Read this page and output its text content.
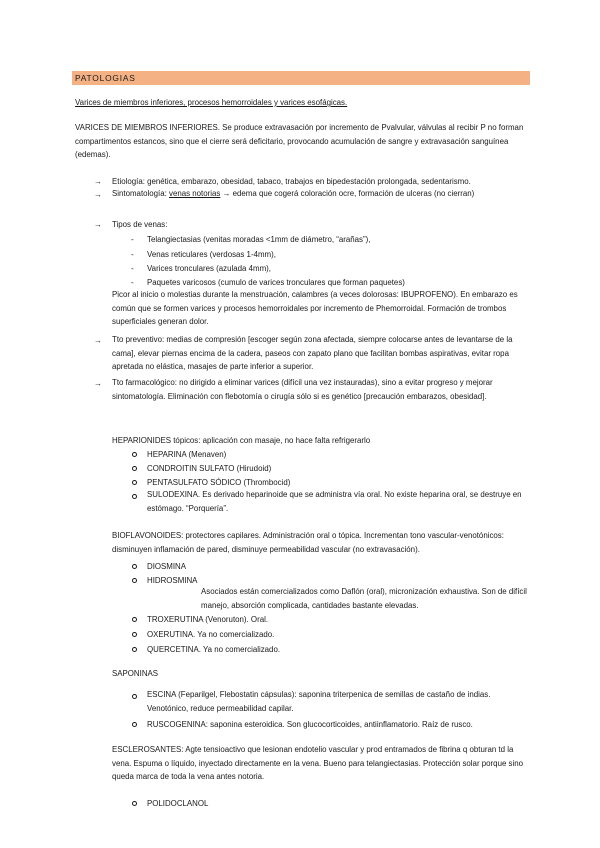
PATOLOGIAS
Varices de miembros inferiores, procesos hemorroidales y varices esofágicas.
VARICES DE MIEMBROS INFERIORES. Se produce extravasación por incremento de Pvalvular, válvulas al recibir P no forman compartimentos estancos, sino que el cierre será deficitario, provocando acumulación de sangre y extravasación sanguínea (edemas).
→ Etiología: genética, embarazo, obesidad, tabaco, trabajos en bipedestación prolongada, sedentarismo.
→ Sintomatología: venas notorias → edema que cogerá coloración ocre, formación de ulceras (no cierran)
→ Tipos de venas:
- Telangiectasias (venitas moradas <1mm de diámetro, “arañas”),
- Venas reticulares (verdosas 1-4mm),
- Varices tronculares (azulada 4mm),
- Paquetes varicosos (cumulo de varices tronculares que forman paquetes)
Picor al inicio o molestias durante la menstruación, calambres (a veces dolorosas: IBUPROFENO). En embarazo es común que se formen varices y procesos hemorroidales por incremento de Phemorroidal. Formación de trombos superficiales generan dolor.
→ Tto preventivo: medias de compresión [escoger según zona afectada, siempre colocarse antes de levantarse de la cama], elevar piernas encima de la cadera, paseos con zapato plano que facilitan bombas aspirativas, evitar ropa apretada no elástica, masajes de parte inferior a superior.
→ Tto farmacológico: no dirigido a eliminar varices (difícil una vez instauradas), sino a evitar progreso y mejorar sintomatología. Eliminación con flebotomía o cirugía sólo si es genético [precaución embarazos, obesidad].
HEPARIONIDES tópicos: aplicación con masaje, no hace falta refrigerarlo
HEPARINA (Menaven)
CONDROITIN SULFATO (Hirudoid)
PENTASULFATO SÓDICO (Thrombocid)
SULODEXINA. Es derivado heparinoide que se administra vía oral. No existe heparina oral, se destruye en estómago. “Porquería”.
BIOFLAVONOIDES: protectores capilares. Administración oral o tópica. Incrementan tono vascular-venotónicos: disminuyen inflamación de pared, disminuye permeabilidad vascular (no extravasación).
DIOSMINA
HIDROSMINA
Asociados están comercializados como Daflón (oral), micronización exhaustiva. Son de difícil manejo, absorción complicada, cantidades bastante elevadas.
TROXERUTINA (Venoruton). Oral.
OXERUTINA. Ya no comercializado.
QUERCETINA. Ya no comercializado.
SAPONINAS
ESCINA (Feparilgel, Flebostatin cápsulas): saponina triterpenica de semillas de castaño de indias. Venotónico, reduce permeabilidad capilar.
RUSCOGENINA: saponina esteroidica. Son glucocorticoides, antiinflamatorio. Raíz de rusco.
ESCLEROSANTES: Agte tensioactivo que lesionan endotelio vascular y prod entramados de fibrina q obturan td la vena. Espuma o líquido, inyectado directamente en la vena. Bueno para telangiectasias. Protección solar porque sino queda marca de toda la vena antes notoria.
POLIDOCLANOL
